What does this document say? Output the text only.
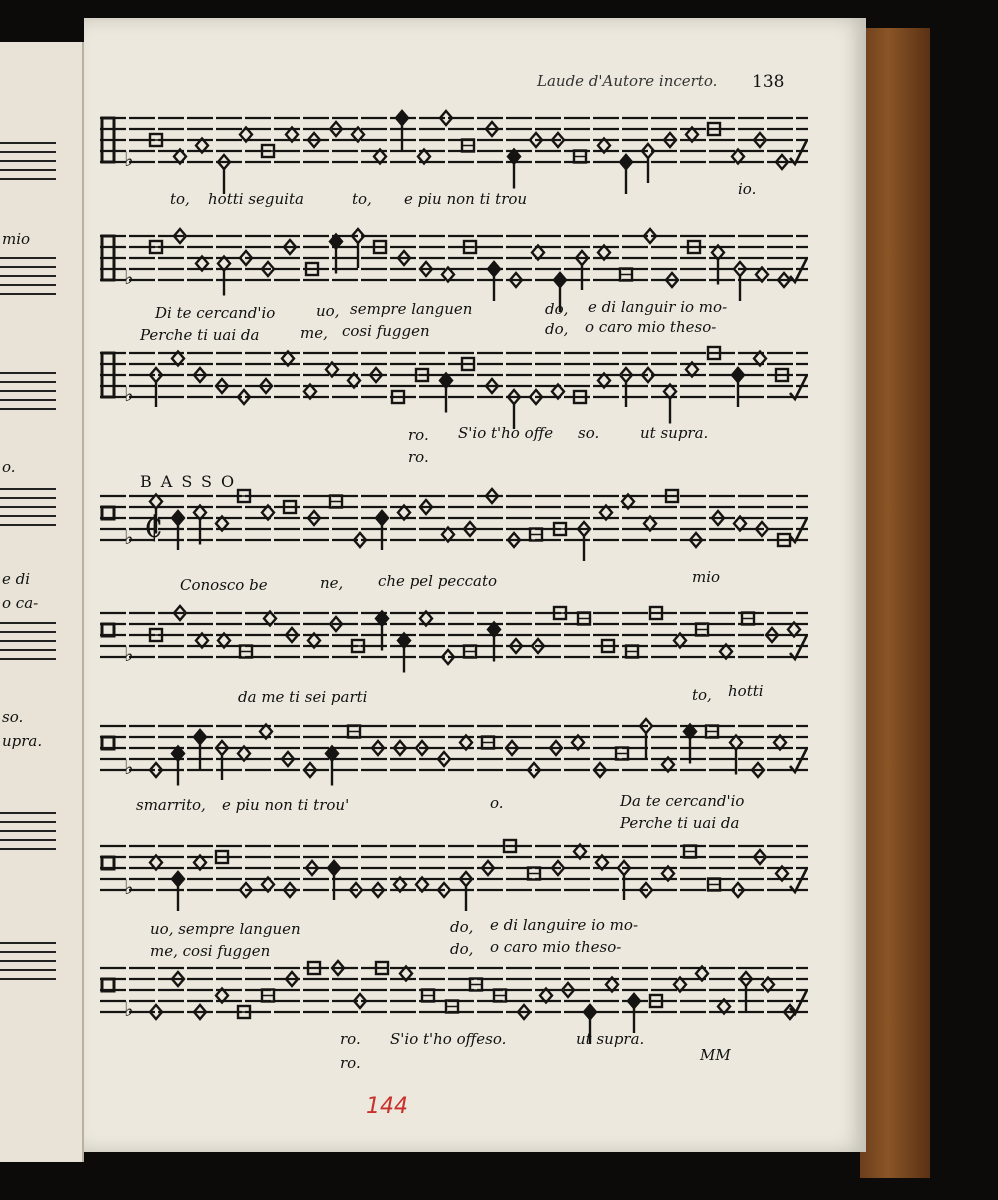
mio
o.
e di
o ca-
so.
upra.
Laude d'Autore incerto. 138
♭
♭
♭
♭ ₵
♭
♭
♭
♭
to, hotti seguita	to, e piu non ti trou
io.
Di te cercand'io	uo, sempre languen	do, e di languir io mo-
Perche ti uai da	me, cosi fuggen	do, o caro mio theso-
ro. S'io t'ho offe so.	ut supra.
ro.
BASSO
Conosco be	ne, che pel peccato	mio
da me ti sei parti	to, hotti
smarrito, e piu non ti trou'	o.	Da te cercand'io
Perche ti uai da
uo, sempre languen	do, e di languire io mo-
me, cosi fuggen	do, o caro mio theso-
ro. S'io t'ho offeso.	ut supra.
ro.	MM
144
